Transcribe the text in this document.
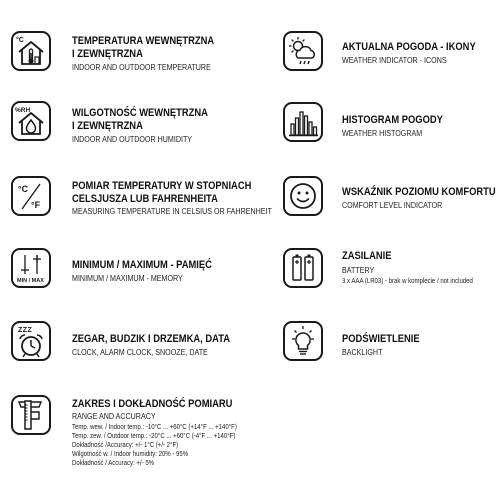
°C	TEMPERATURA WEWNĘTRZNA
I ZEWNĘTRZNA
INDOOR AND OUTDOOR TEMPERATURE
%RH	WILGOTNOŚĆ WEWNĘTRZNA
I ZEWNĘTRZNA
INDOOR AND OUTDOOR HUMIDITY
°C
°F
POMIAR TEMPERATURY W STOPNIACH
CELSJUSZA LUB FAHRENHEITA
MEASURING TEMPERATURE IN CELSIUS OR FAHRENHEIT
MIN / MAX
MINIMUM / MAXIMUM - PAMIĘĆ
MINIMUM / MAXIMUM - MEMORY
ZZZ
ZEGAR, BUDZIK I DRZEMKA, DATA
CLOCK, ALARM CLOCK, SNOOZE, DATE
ZAKRES I DOKŁADNOŚĆ POMIARU
RANGE AND ACCURACY
Temp. wew. / Indoor temp.: -10°C ... +60°C (+14°F ... +140°F)
Temp. zew. / Outdoor temp.: -20°C ... +60°C (-4°F ... +140°F)
Dokładność /Accuracy: +/- 1°C (+/- 2°F)
Wilgotność w. / Indoor humidity: 20% - 95%
Dokładność / Accuracy: +/- 5%
AKTUALNA POGODA - IKONY
WEATHER INDICATOR - ICONS
HISTOGRAM POGODY
WEATHER HISTOGRAM
WSKAŹNIK POZIOMU KOMFORTU
COMFORT LEVEL INDICATOR
ZASILANIE
BATTERY
3 x AAA (LR03) - brak w komplecie / not included
PODŚWIETLENIE
BACKLIGHT
